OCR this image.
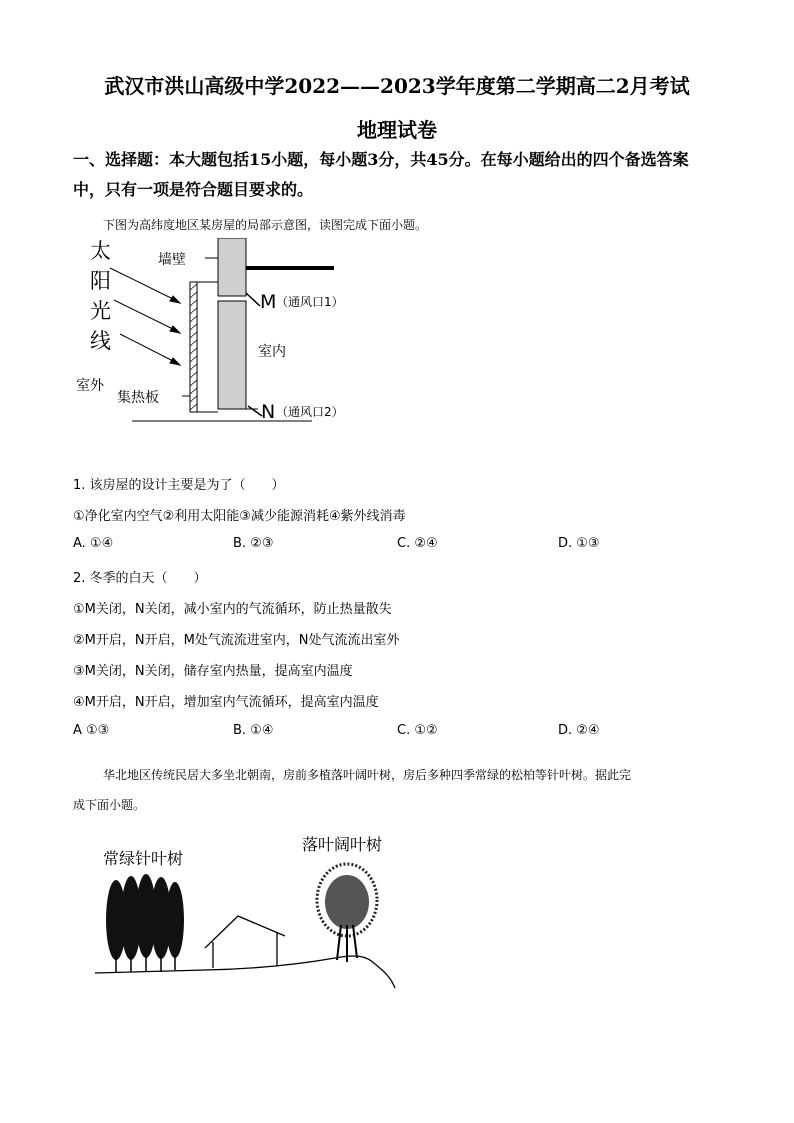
武汉市洪山高级中学2022——2023学年度第二学期高二2月考试
地理试卷
一、选择题：本大题包括15小题，每小题3分，共45分。在每小题给出的四个备选答案
中，只有一项是符合题目要求的。
下图为高纬度地区某房屋的局部示意图，读图完成下面小题。
墙壁
太
阳
光
线
室外
集热板
室内
M （通风口1）
N （通风口2）
1. 该房屋的设计主要是为了（　　）
①净化室内空气②利用太阳能③减少能源消耗④紫外线消毒
A. ①④	B. ②③	C. ②④	D. ①③
2. 冬季的白天（　　）
①M关闭，N关闭，减小室内的气流循环，防止热量散失
②M开启，N开启，M处气流流进室内，N处气流流出室外
③M关闭，N关闭，储存室内热量，提高室内温度
④M开启，N开启，增加室内气流循环，提高室内温度
A ①③	B. ①④	C. ①②	D. ②④
华北地区传统民居大多坐北朝南，房前多植落叶阔叶树，房后多种四季常绿的松柏等针叶树。据此完
成下面小题。
常绿针叶树
落叶阔叶树
